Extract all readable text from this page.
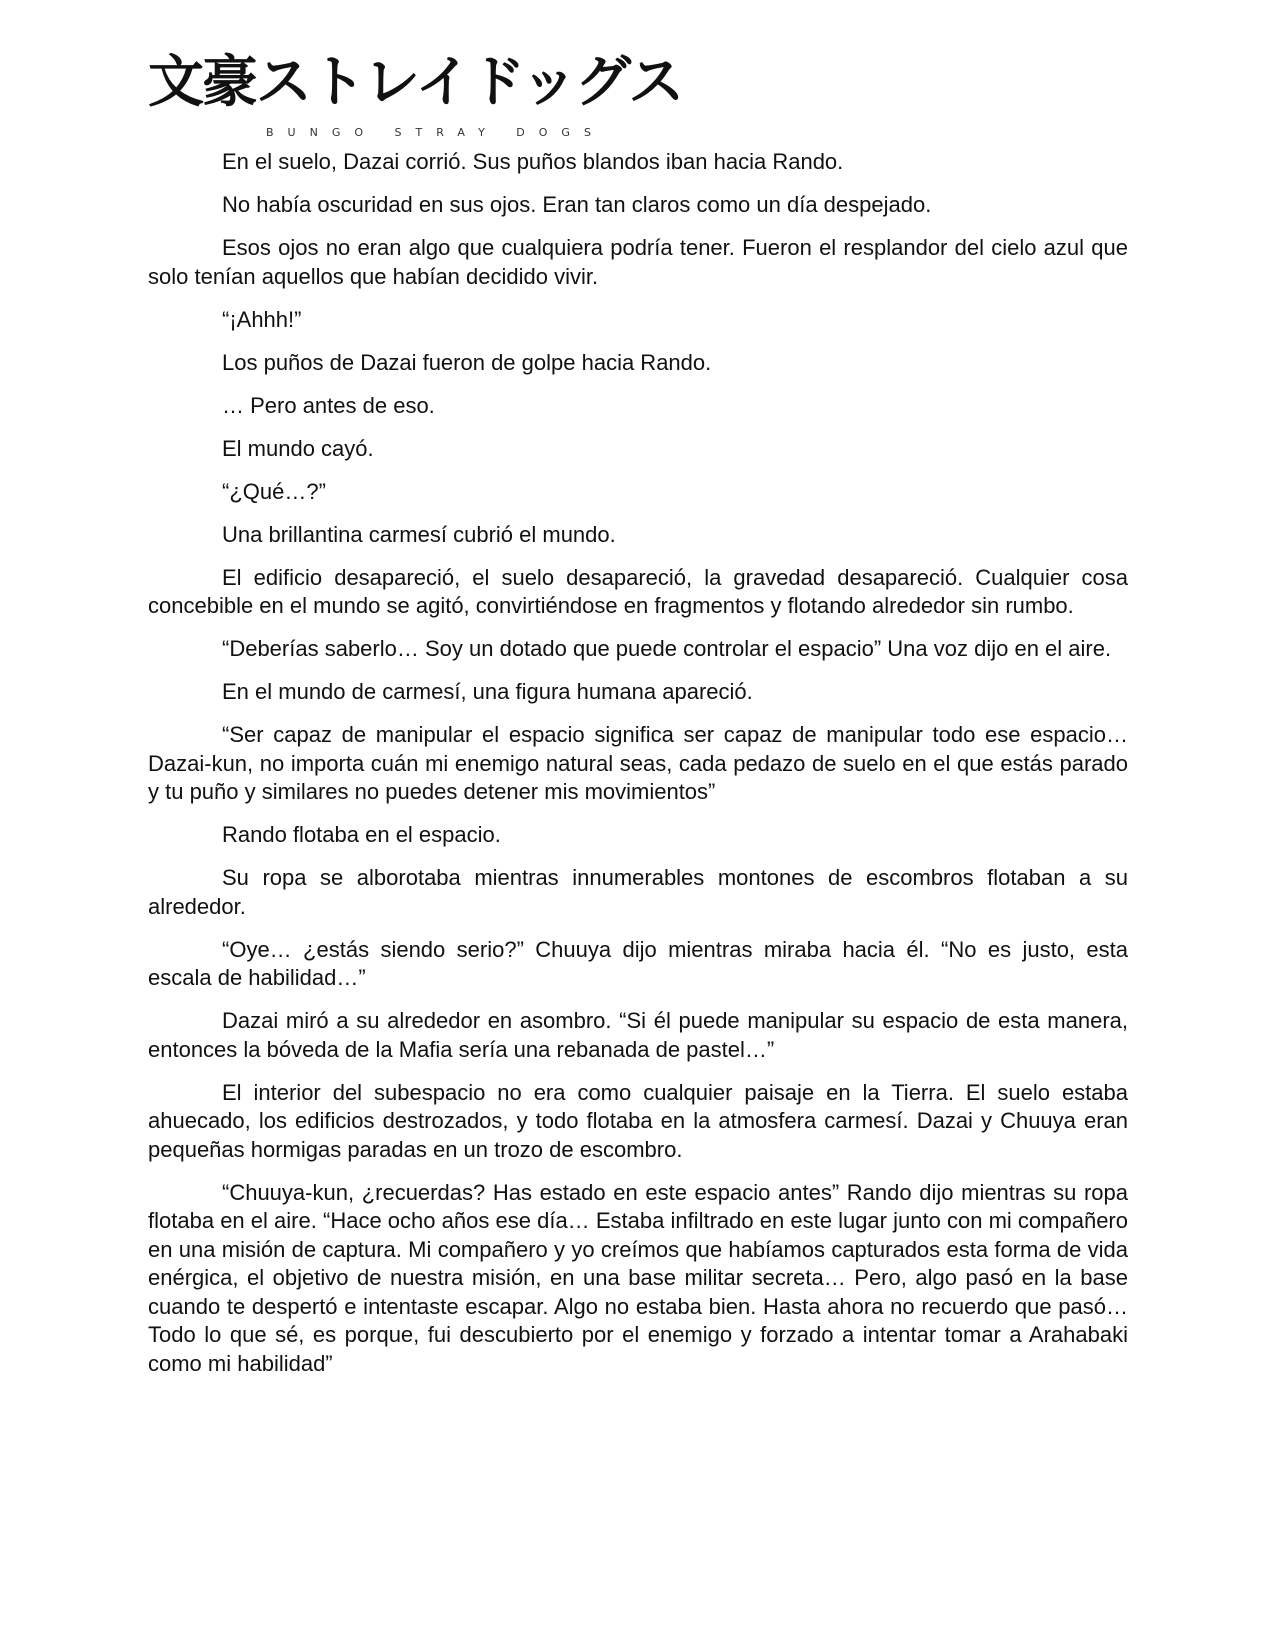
文豪ストレイドッグス
BUNGO STRAY DOGS

En el suelo, Dazai corrió. Sus puños blandos iban hacia Rando.

No había oscuridad en sus ojos. Eran tan claros como un día despejado.

Esos ojos no eran algo que cualquiera podría tener. Fueron el resplandor del cielo azul que solo tenían aquellos que habían decidido vivir.

“¡Ahhh!”

Los puños de Dazai fueron de golpe hacia Rando.

… Pero antes de eso.

El mundo cayó.

“¿Qué…?”

Una brillantina carmesí cubrió el mundo.

El edificio desapareció, el suelo desapareció, la gravedad desapareció. Cualquier cosa concebible en el mundo se agitó, convirtiéndose en fragmentos y flotando alrededor sin rumbo.

“Deberías saberlo… Soy un dotado que puede controlar el espacio” Una voz dijo en el aire.

En el mundo de carmesí, una figura humana apareció.

“Ser capaz de manipular el espacio significa ser capaz de manipular todo ese espacio… Dazai-kun, no importa cuán mi enemigo natural seas, cada pedazo de suelo en el que estás parado y tu puño y similares no puedes detener mis movimientos”

Rando flotaba en el espacio.

Su ropa se alborotaba mientras innumerables montones de escombros flotaban a su alrededor.

“Oye… ¿estás siendo serio?” Chuuya dijo mientras miraba hacia él. “No es justo, esta escala de habilidad…”

Dazai miró a su alrededor en asombro. “Si él puede manipular su espacio de esta manera, entonces la bóveda de la Mafia sería una rebanada de pastel…”

El interior del subespacio no era como cualquier paisaje en la Tierra. El suelo estaba ahuecado, los edificios destrozados, y todo flotaba en la atmosfera carmesí. Dazai y Chuuya eran pequeñas hormigas paradas en un trozo de escombro.

“Chuuya-kun, ¿recuerdas? Has estado en este espacio antes” Rando dijo mientras su ropa flotaba en el aire. “Hace ocho años ese día… Estaba infiltrado en este lugar junto con mi compañero en una misión de captura. Mi compañero y yo creímos que habíamos capturados esta forma de vida enérgica, el objetivo de nuestra misión, en una base militar secreta… Pero, algo pasó en la base cuando te despertó e intentaste escapar. Algo no estaba bien. Hasta ahora no recuerdo que pasó… Todo lo que sé, es porque, fui descubierto por el enemigo y forzado a intentar tomar a Arahabaki como mi habilidad”
